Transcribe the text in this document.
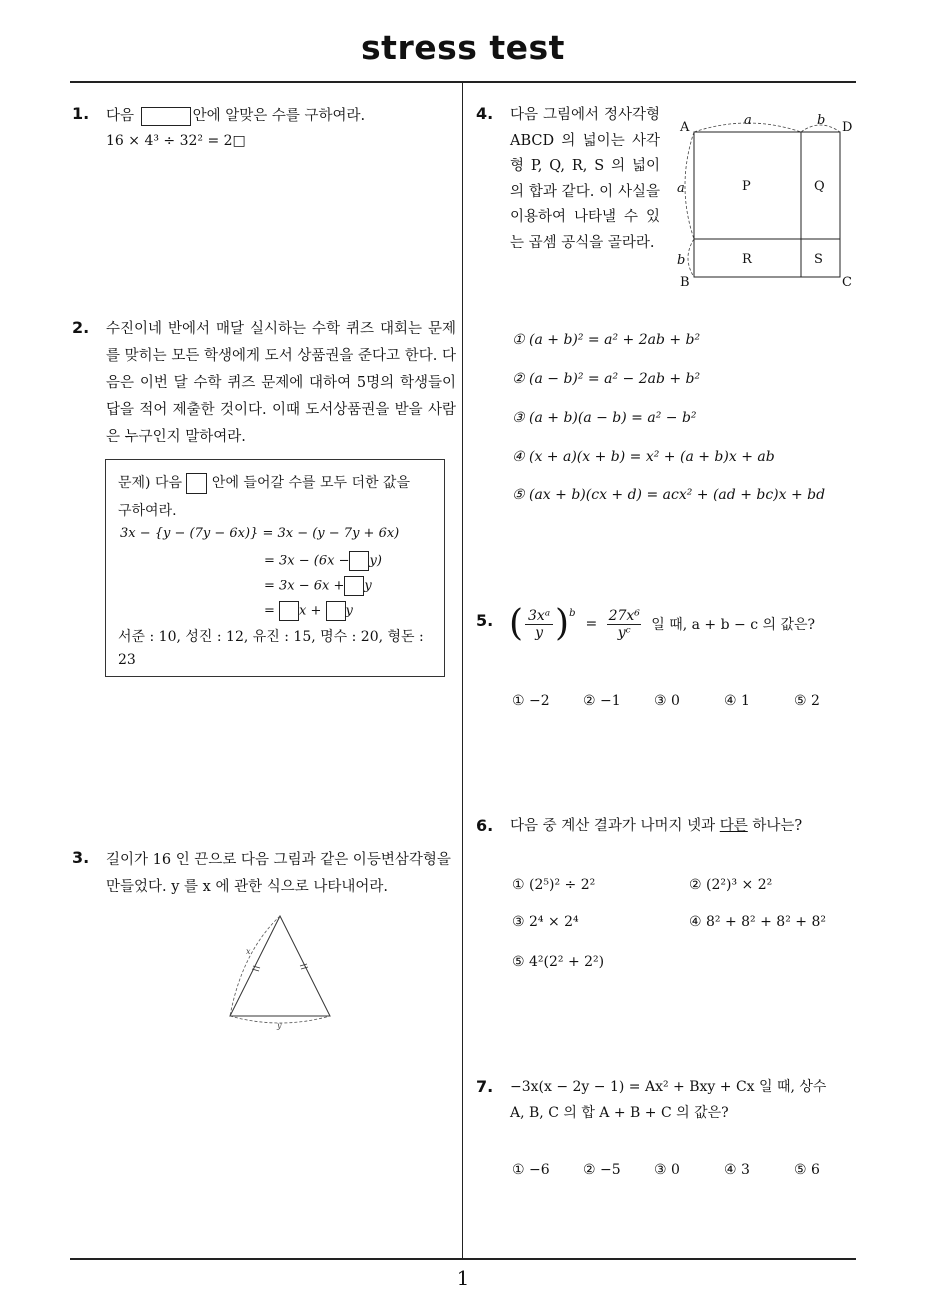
stress test
1
1. 다음	안에 알맞은 수를 구하여라.
16 × 4³ ÷ 32² = 2□
2. 수진이네 반에서 매달 실시하는 수학 퀴즈 대회는 문제를 맞히는 모든 학생에게 도서 상품권을 준다고 한다. 다음은 이번 달 수학 퀴즈 문제에 대하여 5명의 학생들이 답을 적어 제출한 것이다. 이때 도서상품권을 받을 사람은 누구인지 말하여라.
문제) 다음 안에 들어갈 수를 모두 더한 값을
구하여라.
3x − {y − (7y − 6x)} = 3x − (y − 7y + 6x)
= 3x − (6x − y)
= 3x − 6x + y
= x + y
서준 : 10, 성진 : 12, 유진 : 15, 명수 : 20, 형돈 :
23
3. 길이가 16 인 끈으로 다음 그림과 같은 이등변삼각형을 만들었다. y 를 x 에 관한 식으로 나타내어라.
x
y
4. 다음 그림에서 정사각형 ABCD 의 넓이는 사각형 P, Q, R, S 의 넓이의 합과 같다. 이 사실을 이용하여 나타낼 수 있는 곱셈 공식을 골라라.
A	D
B	C
a	b
a
b
P	Q
R	S
① (a + b)² = a² + 2ab + b²
② (a − b)² = a² − 2ab + b²
③ (a + b)(a − b) = a² − b²
④ (x + a)(x + b) = x² + (a + b)x + ab
⑤ (ax + b)(cx + d) = acx² + (ad + bc)x + bd
5. ( 3xᵃ
y ) b
=
27x⁶
yᶜ 일 때, a + b − c 의 값은?
① −2 ② −1 ③ 0	④ 1	⑤ 2
6. 다음 중 계산 결과가 나머지 넷과 다른 하나는?
① (2⁵)² ÷ 2²	② (2²)³ × 2²
③ 2⁴ × 2⁴	④ 8² + 8² + 8² + 8²
⑤ 4²(2² + 2²)
7. −3x(x − 2y − 1) = Ax² + Bxy + Cx 일 때, 상수
A, B, C 의 합 A + B + C 의 값은?
① −6 ② −5 ③ 0	④ 3	⑤ 6
